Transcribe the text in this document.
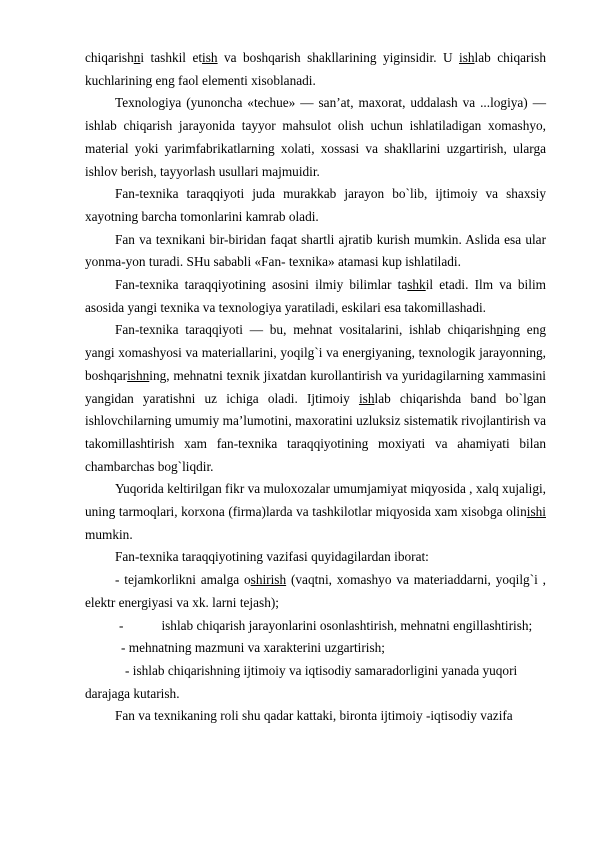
chiqarishni tashkil etish va boshqarish shakllarining yiginsidir. U ishlab chiqarish kuchlarining eng faol elementi xisoblanadi.

Texnologiya (yunoncha «techue» — san’at, maxorat, uddalash va ...logiya) — ishlab chiqarish jarayonida tayyor mahsulot olish uchun ishlatiladigan xomashyo, material yoki yarimfabrikatlarning xolati, xossasi va shakllarini uzgartirish, ularga ishlov berish, tayyorlash usullari majmuidir.

Fan-texnika taraqqiyoti juda murakkab jarayon bo`lib, ijtimoiy va shaxsiy xayotning barcha tomonlarini kamrab oladi.

Fan va texnikani bir-biridan faqat shartli ajratib kurish mumkin. Aslida esa ular yonma-yon turadi. SHu sababli «Fan- texnika» atamasi kup ishlatiladi.

Fan-texnika taraqqiyotining asosini ilmiy bilimlar tashkil etadi. Ilm va bilim asosida yangi texnika va texnologiya yaratiladi, eskilari esa takomillashadi.

Fan-texnika taraqqiyoti — bu, mehnat vositalarini, ishlab chiqarishning eng yangi xomashyosi va materiallarini, yoqilg`i va energiyaning, texnologik jarayonning, boshqarishning, mehnatni texnik jixatdan kurollantirish va yuridagilarning xammasini yangidan yaratishni uz ichiga oladi. Ijtimoiy ishlab chiqarishda band bo`lgan ishlovchilarning umumiy ma’lumotini, maxoratini uzluksiz sistematik rivojlantirish va takomillashtirish xam fan-texnika taraqqiyotining moxiyati va ahamiyati bilan chambarchas bog`liqdir.

Yuqorida keltirilgan fikr va muloxozalar umumjamiyat miqyosida , xalq xujaligi, uning tarmoqlari, korxona (firma)larda va tashkilotlar miqyosida xam xisobga olinishi mumkin.

Fan-texnika taraqqiyotining vazifasi quyidagilardan iborat:

- tejamkorlikni amalga oshirish (vaqtni, xomashyo va materiaddarni, yoqilg`i , elektr energiyasi va xk. larni tejash);

-	ishlab chiqarish jarayonlarini osonlashtirish, mehnatni engillashtirish;

- mehnatning mazmuni va xarakterini uzgartirish;

- ishlab chiqarishning ijtimoiy va iqtisodiy samaradorligini yanada yuqori

darajaga kutarish.

Fan va texnikaning roli shu qadar kattaki, bironta ijtimoiy -iqtisodiy vazifa
